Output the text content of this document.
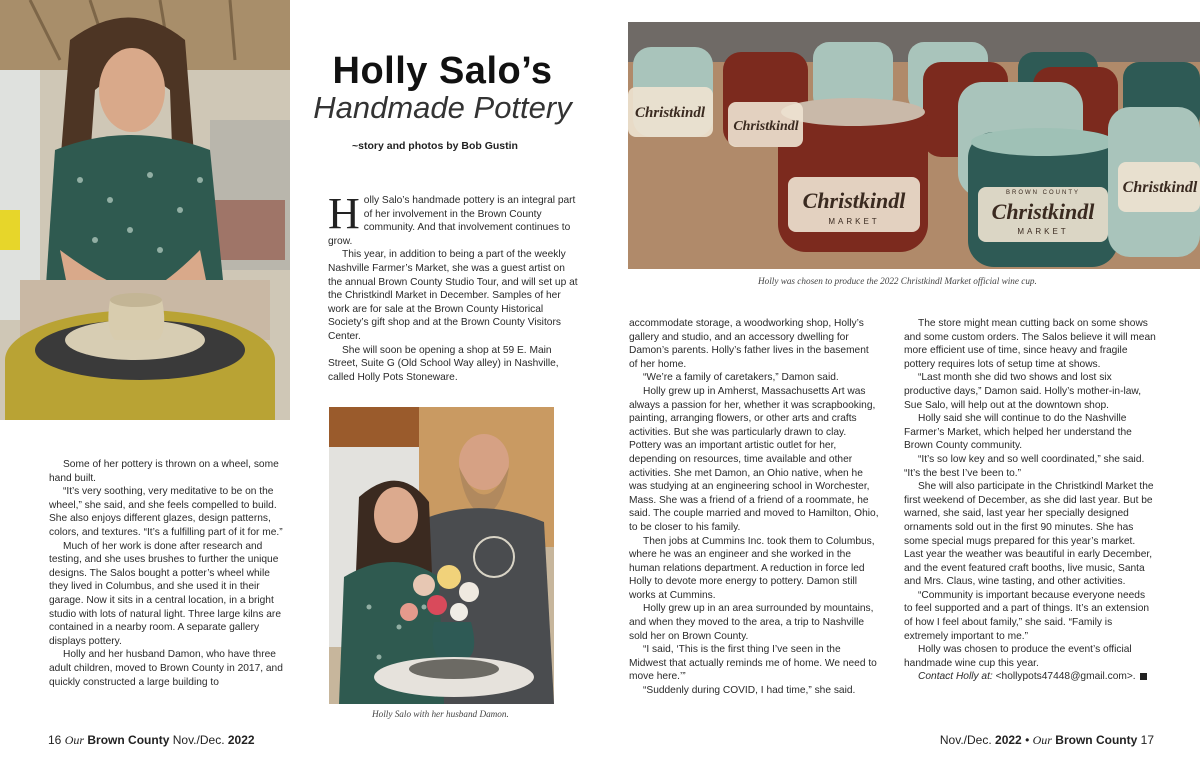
Holly Salo’s
Handmade Pottery
~story and photos by Bob Gustin

Holly Salo’s handmade pottery is an integral part of her involvement in the Brown County community. And that involvement continues to grow.

This year, in addition to being a part of the weekly Nashville Farmer’s Market, she was a guest artist on the annual Brown County Studio Tour, and will set up at the Christkindl Market in December. Samples of her work are for sale at the Brown County Historical Society’s gift shop and at the Brown County Visitors Center.

She will soon be opening a shop at 59 E. Main Street, Suite G (Old School Way alley) in Nashville, called Holly Pots Stoneware.

Some of her pottery is thrown on a wheel, some hand built.

“It’s very soothing, very meditative to be on the wheel,” she said, and she feels compelled to build. She also enjoys different glazes, design patterns, colors, and textures. “It’s a fulfilling part of it for me.”

Much of her work is done after research and testing, and she uses brushes to further the unique designs. The Salos bought a potter’s wheel while they lived in Columbus, and she used it in their garage. Now it sits in a central location, in a bright studio with lots of natural light. Three large kilns are contained in a nearby room. A separate gallery displays pottery.

Holly and her husband Damon, who have three adult children, moved to Brown County in 2017, and quickly constructed a large building to

Holly Salo with her husband Damon.
Christkindl
MARKET
BROWN COUNTY
Christkindl
MARKET
Christkindl
Christkindl
Christkindl
Holly was chosen to produce the 2022 Christkindl Market official wine cup.

accommodate storage, a woodworking shop, Holly’s gallery and studio, and an accessory dwelling for Damon’s parents. Holly’s father lives in the basement of her home.

“We’re a family of caretakers,” Damon said.

Holly grew up in Amherst, Massachusetts Art was always a passion for her, whether it was scrapbooking, painting, arranging flowers, or other arts and crafts activities. But she was particularly drawn to clay. Pottery was an important artistic outlet for her, depending on resources, time available and other activities. She met Damon, an Ohio native, when he was studying at an engineering school in Worchester, Mass. She was a friend of a friend of a roommate, he said. The couple married and moved to Hamilton, Ohio, to be closer to his family.

Then jobs at Cummins Inc. took them to Columbus, where he was an engineer and she worked in the human relations department. A reduction in force led Holly to devote more energy to pottery. Damon still works at Cummins.

Holly grew up in an area surrounded by mountains, and when they moved to the area, a trip to Nashville sold her on Brown County.

“I said, ‘This is the first thing I’ve seen in the Midwest that actually reminds me of home. We need to move here.’”

“Suddenly during COVID, I had time,” she said.

The store might mean cutting back on some shows and some custom orders. The Salos believe it will mean more efficient use of time, since heavy and fragile pottery requires lots of setup time at shows.

“Last month she did two shows and lost six productive days,” Damon said. Holly’s mother-in-law, Sue Salo, will help out at the downtown shop.

Holly said she will continue to do the Nashville Farmer’s Market, which helped her understand the Brown County community.

“It’s so low key and so well coordinated,” she said. “It’s the best I’ve been to.”

She will also participate in the Christkindl Market the first weekend of December, as she did last year. But be warned, she said, last year her specially designed ornaments sold out in the first 90 minutes. She has some special mugs prepared for this year’s market. Last year the weather was beautiful in early December, and the event featured craft booths, live music, Santa and Mrs. Claus, wine tasting, and other activities.

“Community is important because everyone needs to feel supported and a part of things. It’s an extension of how I feel about family,” she said. “Family is extremely important to me.”

Holly was chosen to produce the event’s official handmade wine cup this year.

Contact Holly at: <hollypots47448@gmail.com>.

16 Our Brown County Nov./Dec. 2022	Nov./Dec. 2022 • Our Brown County 17
